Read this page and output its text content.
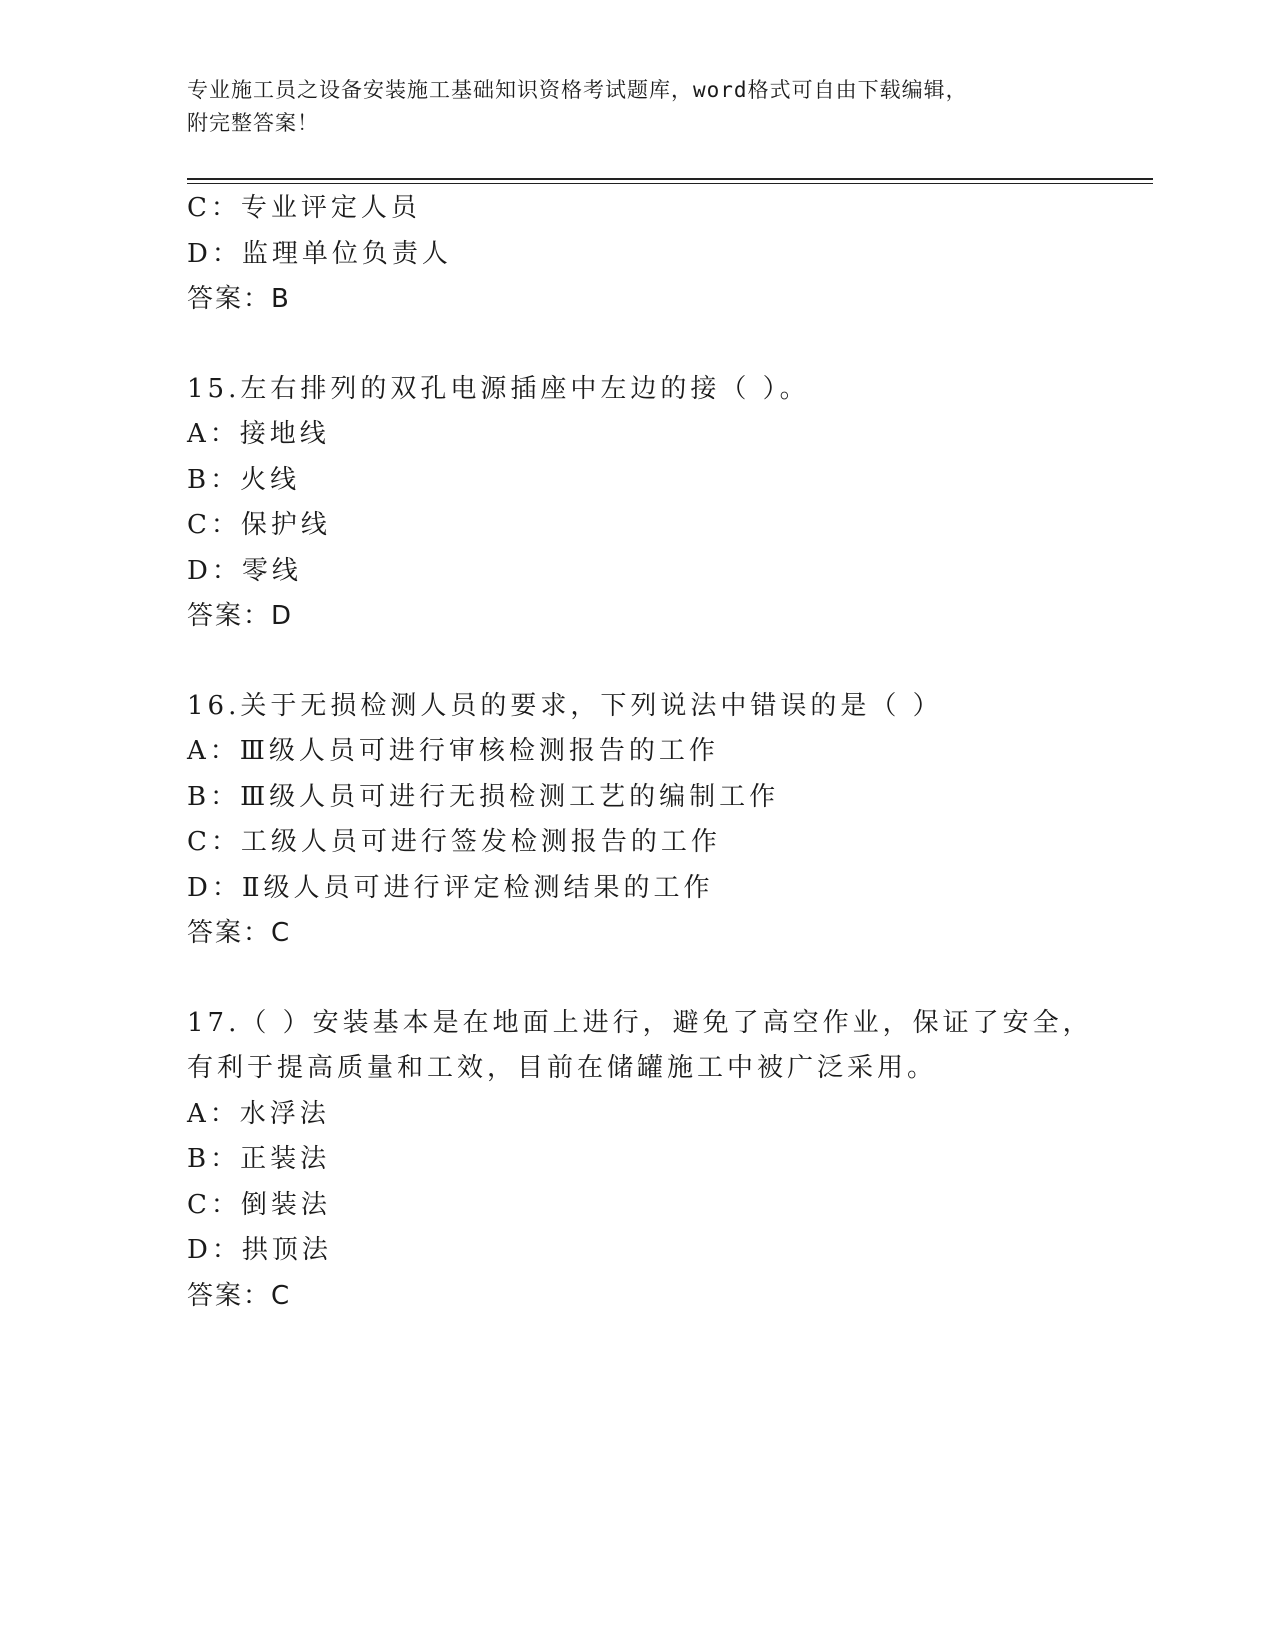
专业施工员之设备安装施工基础知识资格考试题库，word格式可自由下载编辑，
附完整答案！
C：专业评定人员
D：监理单位负责人
答案：B
15.左右排列的双孔电源插座中左边的接（ ）。
A：接地线
B：火线
C：保护线
D：零线
答案：D
16.关于无损检测人员的要求，下列说法中错误的是（ ）
A：Ⅲ级人员可进行审核检测报告的工作
B：Ⅲ级人员可进行无损检测工艺的编制工作
C：工级人员可进行签发检测报告的工作
D：Ⅱ级人员可进行评定检测结果的工作
答案：C
17.（ ）安装基本是在地面上进行，避免了高空作业，保证了安全，
有利于提高质量和工效，目前在储罐施工中被广泛采用。
A：水浮法
B：正装法
C：倒装法
D：拱顶法
答案：C
